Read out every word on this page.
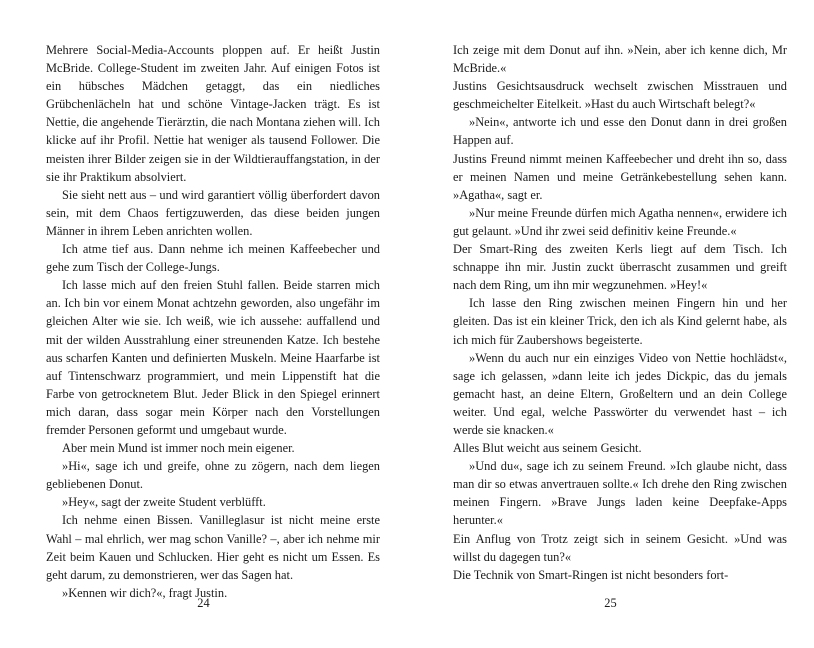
Mehrere Social-Media-Accounts ploppen auf. Er heißt Justin McBride. College-Student im zweiten Jahr. Auf einigen Fotos ist ein hübsches Mädchen getaggt, das ein niedliches Grübchenlächeln hat und schöne Vintage-Jacken trägt. Es ist Nettie, die angehende Tierärztin, die nach Montana ziehen will. Ich klicke auf ihr Profil. Nettie hat weniger als tausend Follower. Die meisten ihrer Bilder zeigen sie in der Wildtierauffangstation, in der sie ihr Praktikum absolviert.

Sie sieht nett aus – und wird garantiert völlig überfordert davon sein, mit dem Chaos fertigzuwerden, das diese beiden jungen Männer in ihrem Leben anrichten wollen.

Ich atme tief aus. Dann nehme ich meinen Kaffeebecher und gehe zum Tisch der College-Jungs.

Ich lasse mich auf den freien Stuhl fallen. Beide starren mich an. Ich bin vor einem Monat achtzehn geworden, also ungefähr im gleichen Alter wie sie. Ich weiß, wie ich aussehe: auffallend und mit der wilden Ausstrahlung einer streunenden Katze. Ich bestehe aus scharfen Kanten und definierten Muskeln. Meine Haarfarbe ist auf Tintenschwarz programmiert, und mein Lippenstift hat die Farbe von getrocknetem Blut. Jeder Blick in den Spiegel erinnert mich daran, dass sogar mein Körper nach den Vorstellungen fremder Personen geformt und umgebaut wurde.

Aber mein Mund ist immer noch mein eigener.

»Hi«, sage ich und greife, ohne zu zögern, nach dem liegen gebliebenen Donut.

»Hey«, sagt der zweite Student verblüfft.

Ich nehme einen Bissen. Vanilleglasur ist nicht meine erste Wahl – mal ehrlich, wer mag schon Vanille? –, aber ich nehme mir Zeit beim Kauen und Schlucken. Hier geht es nicht um Essen. Es geht darum, zu demonstrieren, wer das Sagen hat.

»Kennen wir dich?«, fragt Justin.

24

Ich zeige mit dem Donut auf ihn. »Nein, aber ich kenne dich, Mr McBride.«

Justins Gesichtsausdruck wechselt zwischen Misstrauen und geschmeichelter Eitelkeit. »Hast du auch Wirtschaft belegt?«

»Nein«, antworte ich und esse den Donut dann in drei großen Happen auf.

Justins Freund nimmt meinen Kaffeebecher und dreht ihn so, dass er meinen Namen und meine Getränkebestellung sehen kann. »Agatha«, sagt er.

»Nur meine Freunde dürfen mich Agatha nennen«, erwidere ich gut gelaunt. »Und ihr zwei seid definitiv keine Freunde.«

Der Smart-Ring des zweiten Kerls liegt auf dem Tisch. Ich schnappe ihn mir. Justin zuckt überrascht zusammen und greift nach dem Ring, um ihn mir wegzunehmen. »Hey!«

Ich lasse den Ring zwischen meinen Fingern hin und her gleiten. Das ist ein kleiner Trick, den ich als Kind gelernt habe, als ich mich für Zaubershows begeisterte.

»Wenn du auch nur ein einziges Video von Nettie hochlädst«, sage ich gelassen, »dann leite ich jedes Dickpic, das du jemals gemacht hast, an deine Eltern, Großeltern und an dein College weiter. Und egal, welche Passwörter du verwendet hast – ich werde sie knacken.«

Alles Blut weicht aus seinem Gesicht.

»Und du«, sage ich zu seinem Freund. »Ich glaube nicht, dass man dir so etwas anvertrauen sollte.« Ich drehe den Ring zwischen meinen Fingern. »Brave Jungs laden keine Deepfake-Apps herunter.«

Ein Anflug von Trotz zeigt sich in seinem Gesicht. »Und was willst du dagegen tun?«

Die Technik von Smart-Ringen ist nicht besonders fort-

25
